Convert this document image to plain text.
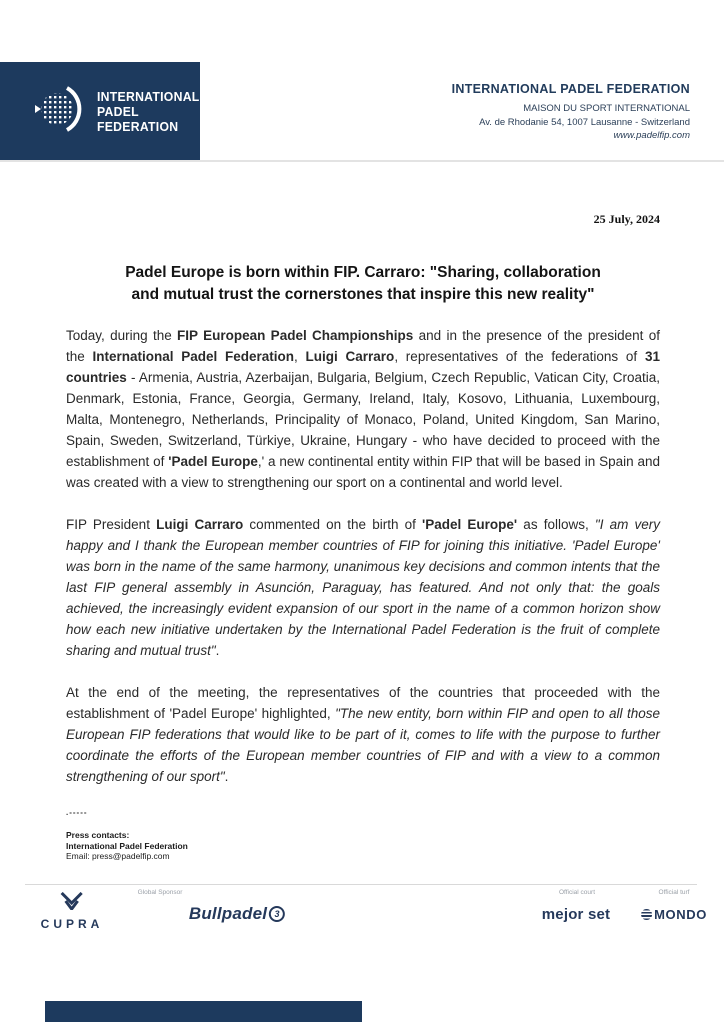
INTERNATIONAL
PADEL
FEDERATION
INTERNATIONAL PADEL FEDERATION
MAISON DU SPORT INTERNATIONAL
Av. de Rhodanie 54, 1007 Lausanne - Switzerland
www.padelfip.com
25 July, 2024
Padel Europe is born within FIP. Carraro: "Sharing, collaboration
and mutual trust the cornerstones that inspire this new reality"

Today, during the FIP European Padel Championships and in the presence of the president of the International Padel Federation, Luigi Carraro, representatives of the federations of 31 countries - Armenia, Austria, Azerbaijan, Bulgaria, Belgium, Czech Republic, Vatican City, Croatia, Denmark, Estonia, France, Georgia, Germany, Ireland, Italy, Kosovo, Lithuania, Luxembourg, Malta, Montenegro, Netherlands, Principality of Monaco, Poland, United Kingdom, San Marino, Spain, Sweden, Switzerland, Türkiye, Ukraine, Hungary - who have decided to proceed with the establishment of 'Padel Europe,' a new continental entity within FIP that will be based in Spain and was created with a view to strengthening our sport on a continental and world level.

FIP President Luigi Carraro commented on the birth of 'Padel Europe' as follows, "I am very happy and I thank the European member countries of FIP for joining this initiative. 'Padel Europe' was born in the name of the same harmony, unanimous key decisions and common intents that the last FIP general assembly in Asunción, Paraguay, has featured. And not only that: the goals achieved, the increasingly evident expansion of our sport in the name of a common horizon show how each new initiative undertaken by the International Padel Federation is the fruit of complete sharing and mutual trust".

At the end of the meeting, the representatives of the countries that proceeded with the establishment of 'Padel Europe' highlighted, "The new entity, born within FIP and open to all those European FIP federations that would like to be part of it, comes to life with the purpose to further coordinate the efforts of the European member countries of FIP and with a view to a common strengthening of our sport".

.-----
Press contacts:
International Padel Federation
Email: press@padelfip.com
Global Sponsor	Official court	Official turf
CUPRA
Bullpadel 3	mejor set	MONDO
